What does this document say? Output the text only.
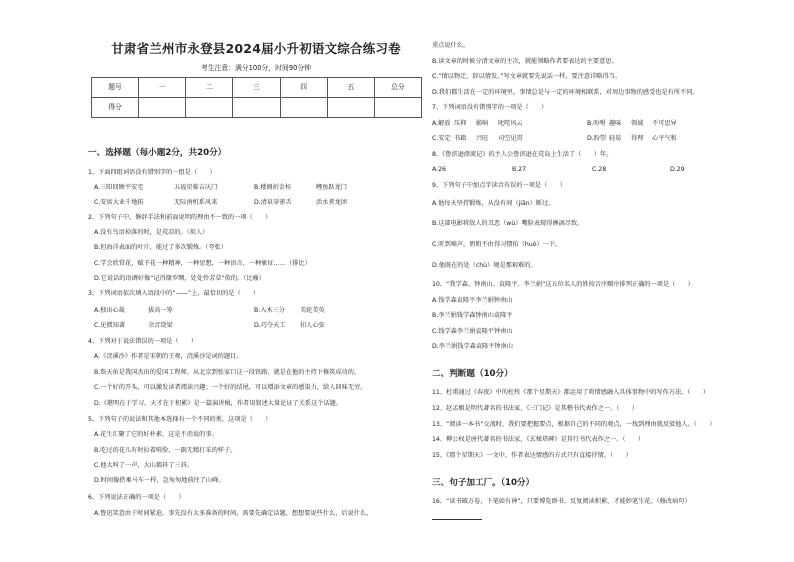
甘肃省兰州市永登县2024届小升初语文综合练习卷
考生注意：满分100分，时间90分钟
题号	一	二	三	四	五	总分
得分						
一、选择题（每小题2分，共20分）
1、下面四组词语没有错别字的一组是（　　）
A.三阳回顾平安宅	五福星临吉庆门	B.楼阁折金桂	鲤鱼跃龙门
C.安席大业千地拓	无际南机系风来	D.清泉穿雀舌	活水煮龙团
2、下列句子中，修辞手法和前面说明的理由不一致的一项（　　）
A.没有鸟语掉落的时，是荒凉的。（拟人）
B.但海洋表面的叶片，能过了多次锻炼。（夸张）
C.学会欣赏花，赋予花一种精神，一种思想，一种语言，一种象征……（排比）
D.它说话的语调好像“记得缘罗绸，处处怜芳草”似的。（比喻）
3、下列词语依次填入语段中的“——”上，最恰切的是（　　）
A.独出心裁	拔高一筹	B.入木三分 美轮美奂
C.见微知著	余音绕梁	D.巧夺天工 扣人心弦
4、下列对于说法错误的一项是（　　）
A.《浣溪沙》作者是宋朝的王观，浣溪沙是词的题目。
B.詹天佑是我国杰出的爱国工程师，从北京到张家口这一段铁路，就是在他的主持下修筑成功的。
C.一个好的开头，可以激发读者阅读兴趣；一个好的结尾，可以增添文章的感染力，给人回味无穷。
D.《堪明在于学习，天才在于积累》是一篇演讲稿，作者用叙述大量论证了关系这个话题。
5、下列句子的说法和其他本选择有一个不同的类，这项是（　　）
A.花生汇聚了它的好朴素，这是不消说的事。
B.吃过的花儿有时拉着啃脸，一副无精打采的样子。
C.他大叫了一声，大山都抖了三抖。
D.时间像搭乘马车一样，急匆匆地前往了山峰。
6、下列说法正确的一项是（　　）
A.鲁迅笑意由于时间紧迫，事先没有太多准备的时间，需要先确定话题，想想要说些什么，后说什么，
重点说什么。
B.读文章的时候分清文章的主次，就能领略作者要表达的主要意思。
C.“情以物迁，辞以情发。”写文章就要先说话一样，要注意详略得当。
D.我们都生活在一定的环境里，事情总是与一定的环境相联系，对周边事物的感受也是有所不同。
7、下列词语没有错别字的一项是（　　）
A.解放 压抑 影响 叱咤风云	B.吩咐 趣味 领域 不可思异
C.安定 书籍 兴旺 司空见贯	D.盼望 轻易 得理 心平气和
8、《鲁滨逊漂流记》的主人公鲁滨逊在荒岛上生活了（　　）年。
A.26	B.27	C.28	D.29
9、下列句子中加点字读音有误的一项是（　　）
A.他每天坚持锻炼，从没有间（jiān）断过。
B.这部电影将敌人的丑恶（wù）嘴脸表现得淋漓尽致。
C.听到嘀声，奶奶不由得习惯拍（huò）一下。
D.他既在的处（chù）境是那艰难的。
10、“我学森、钟南山、袁隆平、李兰娟”这五位名人的姓按音序顺序排列正确的一项是（　　）
A.钱学森袁隆平李兰娟钟南山
B.李兰娟钱学森钟南山袁隆平
C.钱学森李兰娟袁隆平钟南山
D.李兰娟钱学森袁隆平钟南山
二、判断题（10分）
11、杜甫通过《春夜》中的杜牧《那个星期天》都运用了将情感融入具体事物中的写作方法。（　　）
12、赵孟頫是明代著名的书法家，《三门记》是其楷书代表作之一。（　　）
13、“阅读一本书”交流时，我们要把握要点，根据自己的不同的观点，一找到理由就反驳他人。（　　）
14、柳公权是唐代著名的书法家，《玄秘塔碑》是其行书代表作之一。（　　）
15、《那个星期天》一文中，作者表达情感的方式只有直接抒情。（　　）
三、句子加工厂。（10分）
16、“读书破万卷，下笔如有神”，只要博览群书，反复阅读积累，才能妙笔生花。（修改病句）
